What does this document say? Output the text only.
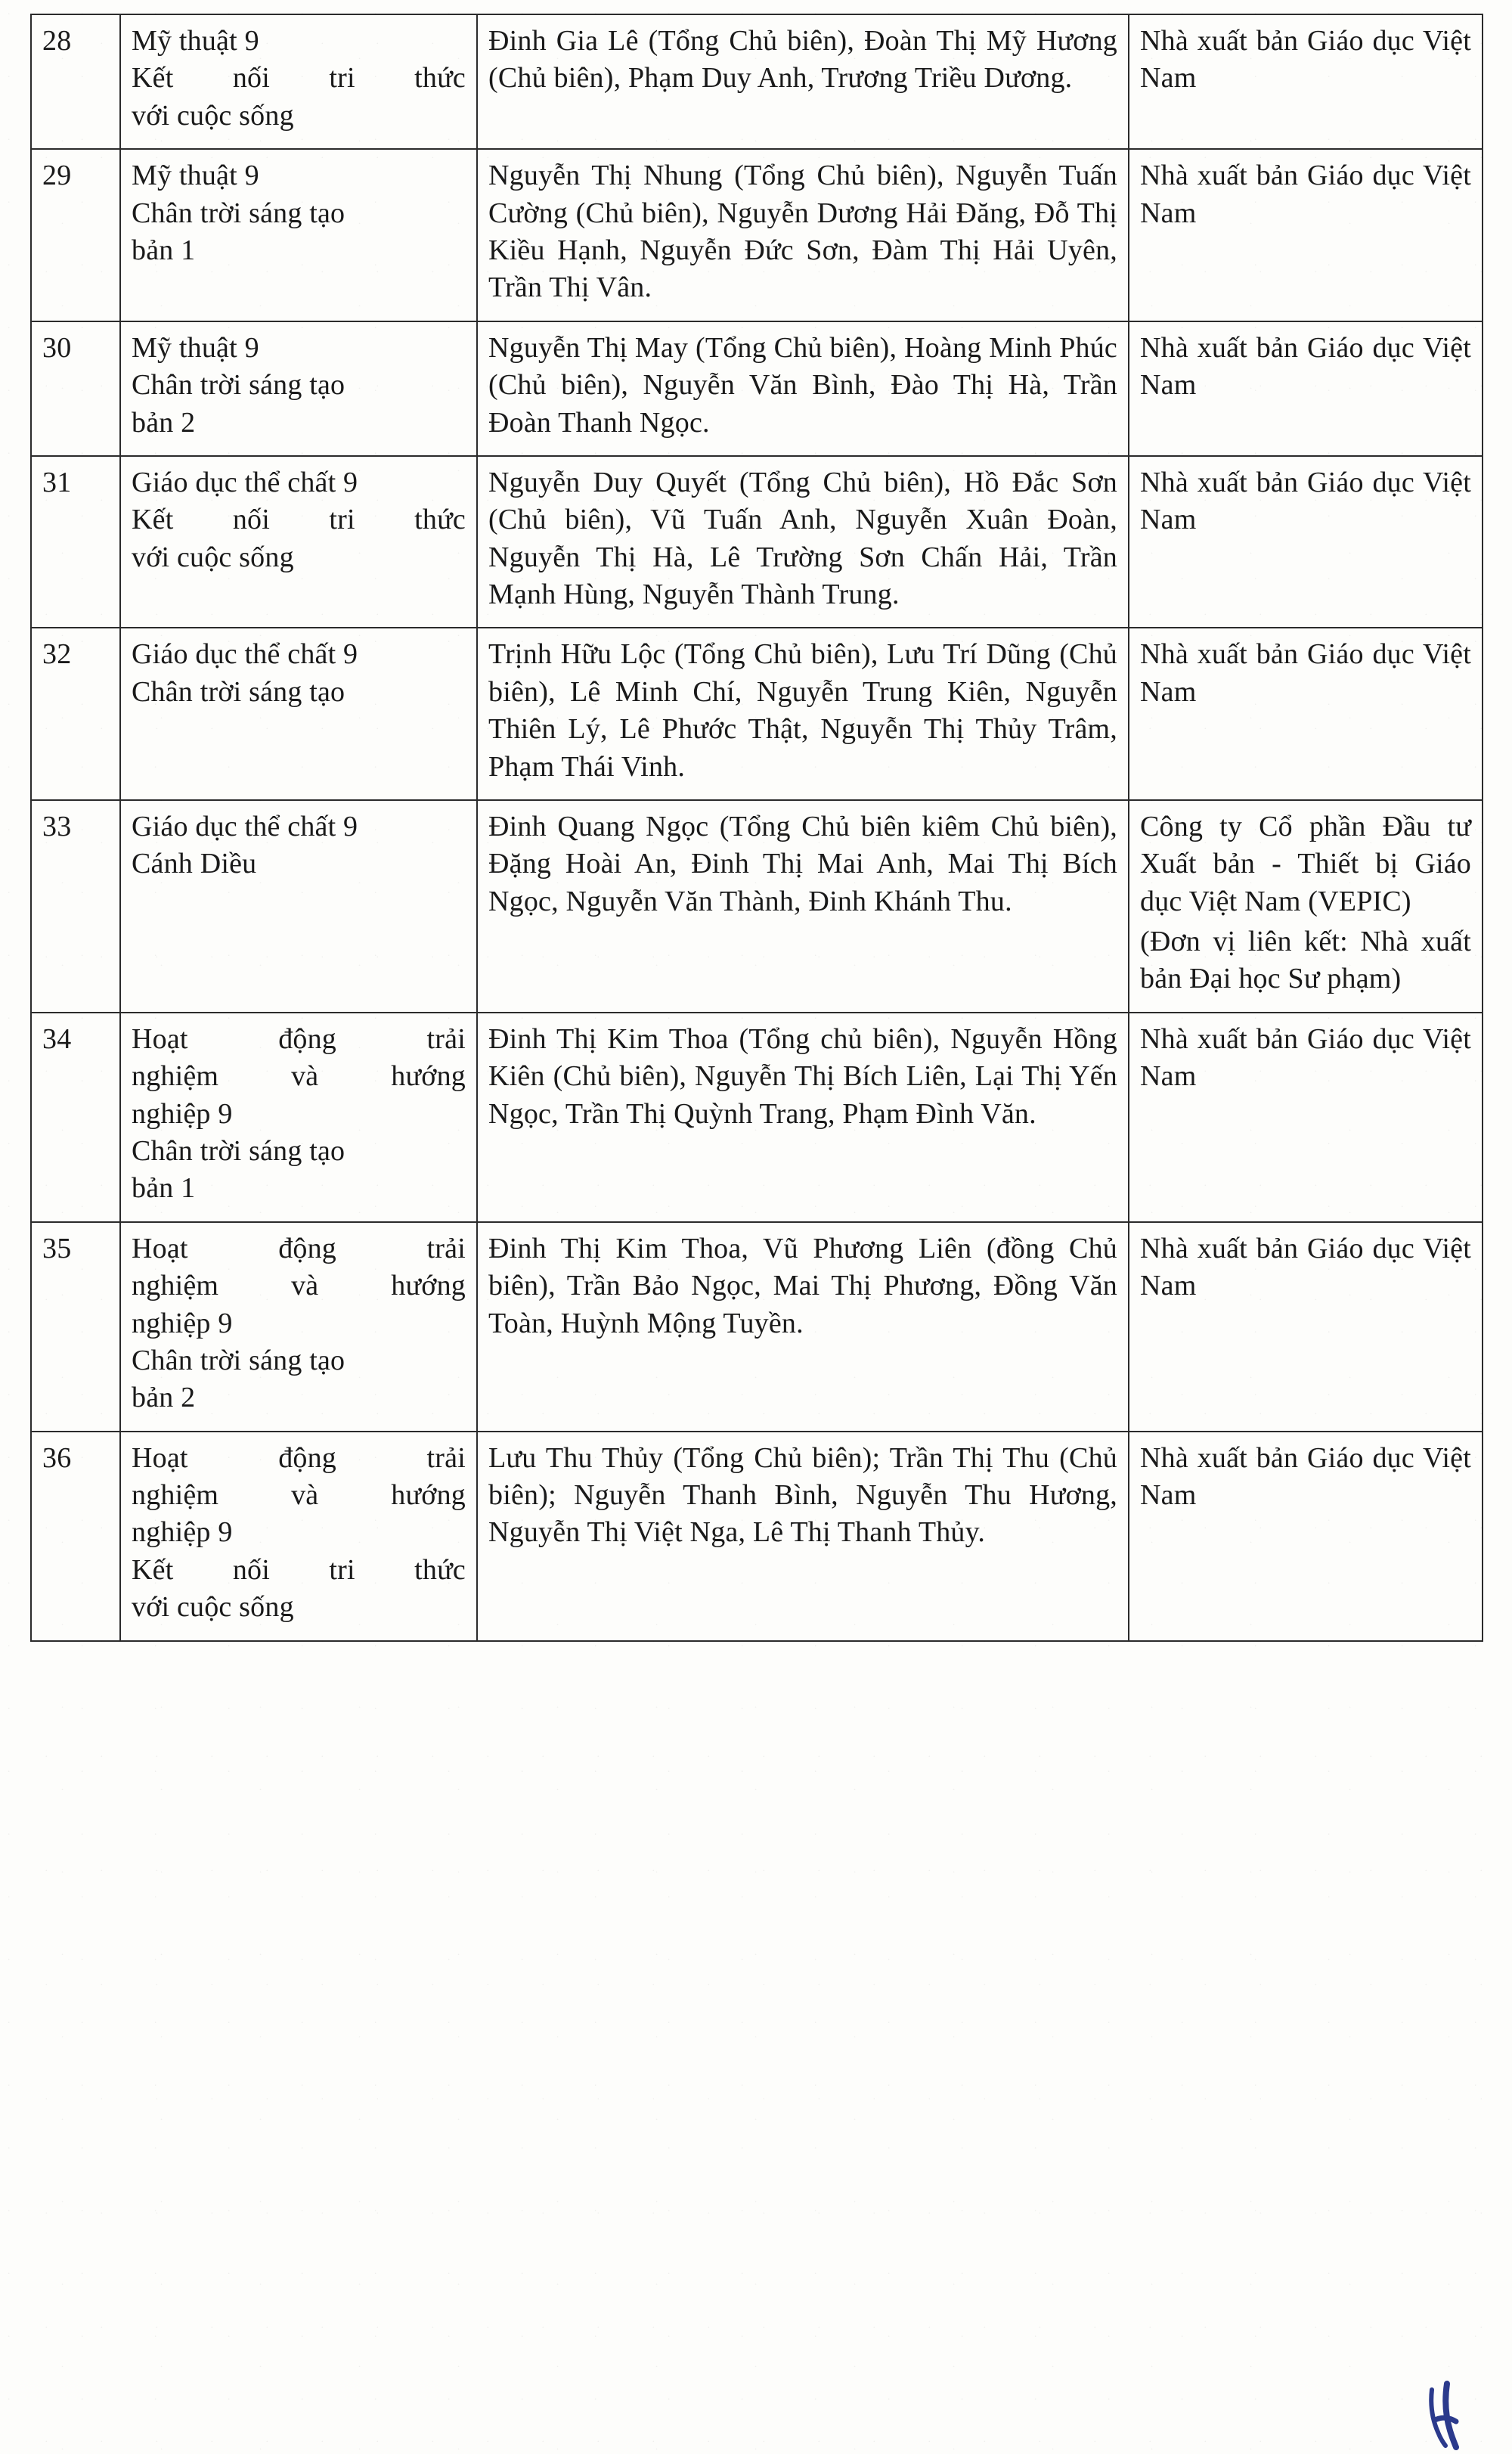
28	Mỹ thuật 9
Kết nối tri thức
với cuộc sống	Đinh Gia Lê (Tổng Chủ biên), Đoàn Thị Mỹ Hương (Chủ biên), Phạm Duy Anh, Trương Triều Dương.	Nhà xuất bản Giáo dục Việt Nam

29	Mỹ thuật 9
Chân trời sáng tạo
bản 1	Nguyễn Thị Nhung (Tổng Chủ biên), Nguyễn Tuấn Cường (Chủ biên), Nguyễn Dương Hải Đăng, Đỗ Thị Kiều Hạnh, Nguyễn Đức Sơn, Đàm Thị Hải Uyên, Trần Thị Vân.	Nhà xuất bản Giáo dục Việt Nam

30	Mỹ thuật 9
Chân trời sáng tạo
bản 2	Nguyễn Thị May (Tổng Chủ biên), Hoàng Minh Phúc (Chủ biên), Nguyễn Văn Bình, Đào Thị Hà, Trần Đoàn Thanh Ngọc.	Nhà xuất bản Giáo dục Việt Nam

31	Giáo dục thể chất 9
Kết nối tri thức
với cuộc sống	Nguyễn Duy Quyết (Tổng Chủ biên), Hồ Đắc Sơn (Chủ biên), Vũ Tuấn Anh, Nguyễn Xuân Đoàn, Nguyễn Thị Hà, Lê Trường Sơn Chấn Hải, Trần Mạnh Hùng, Nguyễn Thành Trung.	Nhà xuất bản Giáo dục Việt Nam

32	Giáo dục thể chất 9
Chân trời sáng tạo	Trịnh Hữu Lộc (Tổng Chủ biên), Lưu Trí Dũng (Chủ biên), Lê Minh Chí, Nguyễn Trung Kiên, Nguyễn Thiên Lý, Lê Phước Thật, Nguyễn Thị Thủy Trâm, Phạm Thái Vinh.	Nhà xuất bản Giáo dục Việt Nam

33	Giáo dục thể chất 9
Cánh Diều	Đinh Quang Ngọc (Tổng Chủ biên kiêm Chủ biên), Đặng Hoài An, Đinh Thị Mai Anh, Mai Thị Bích Ngọc, Nguyễn Văn Thành, Đinh Khánh Thu.	Công ty Cổ phần Đầu tư Xuất bản - Thiết bị Giáo dục Việt Nam (VEPIC)
(Đơn vị liên kết: Nhà xuất bản Đại học Sư phạm)

34	Hoạt động trải
nghiệm và hướng
nghiệp 9
Chân trời sáng tạo
bản 1	Đinh Thị Kim Thoa (Tổng chủ biên), Nguyễn Hồng Kiên (Chủ biên), Nguyễn Thị Bích Liên, Lại Thị Yến Ngọc, Trần Thị Quỳnh Trang, Phạm Đình Văn.	Nhà xuất bản Giáo dục Việt Nam

35	Hoạt động trải
nghiệm và hướng
nghiệp 9
Chân trời sáng tạo
bản 2	Đinh Thị Kim Thoa, Vũ Phương Liên (đồng Chủ biên), Trần Bảo Ngọc, Mai Thị Phương, Đồng Văn Toàn, Huỳnh Mộng Tuyền.	Nhà xuất bản Giáo dục Việt Nam

36	Hoạt động trải
nghiệm và hướng
nghiệp 9
Kết nối tri thức
với cuộc sống	Lưu Thu Thủy (Tổng Chủ biên); Trần Thị Thu (Chủ biên); Nguyễn Thanh Bình, Nguyễn Thu Hương, Nguyễn Thị Việt Nga, Lê Thị Thanh Thủy.	Nhà xuất bản Giáo dục Việt Nam
